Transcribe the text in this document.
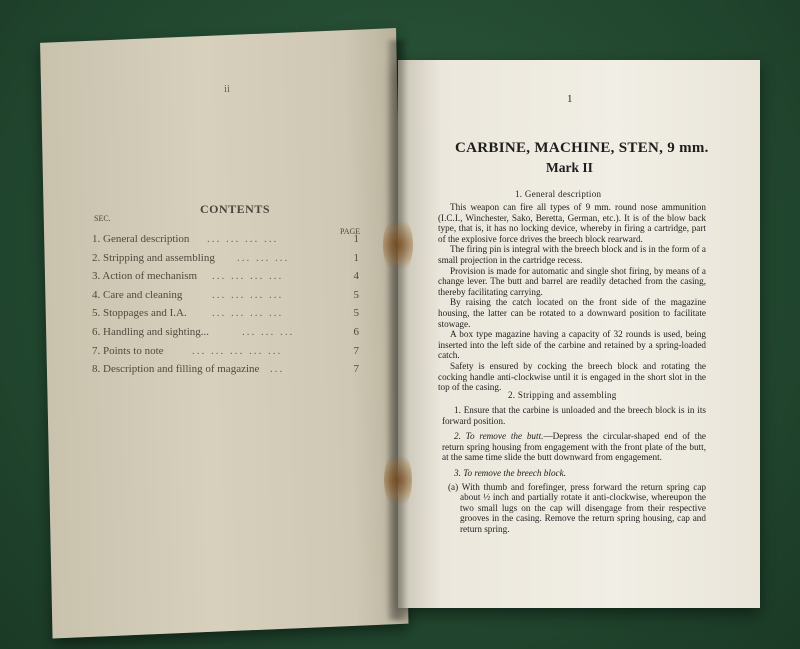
ii
CONTENTS
SEC.
PAGE
1. General description ... ... ... ...	1
2. Stripping and assembling ... ... ...	1
3. Action of mechanism ... ... ... ...	4
4. Care and cleaning	... ... ... ...	5
5. Stoppages and I.A. ... ... ... ...	5
6. Handling and sighting...	... ... ...	6
7. Points to note	... ... ... ... ...	7
8. Description and filling of magazine ...	7
1
CARBINE, MACHINE, STEN, 9 mm.
Mark II
1. General description
This weapon can fire all types of 9 mm. round nose ammunition (I.C.I., Winchester, Sako, Beretta, German, etc.). It is of the blow back type, that is, it has no locking device, whereby in firing a cartridge, part of the explosive force drives the breech block rearward.
The firing pin is integral with the breech block and is in the form of a small projection in the cartridge recess.
Provision is made for automatic and single shot firing, by means of a change lever. The butt and barrel are readily detached from the casing, thereby facilitating carrying.
By raising the catch located on the front side of the magazine housing, the latter can be rotated to a downward position to facilitate stowage.
A box type magazine having a capacity of 32 rounds is used, being inserted into the left side of the carbine and retained by a spring-loaded catch.
Safety is ensured by cocking the breech block and rotating the cocking handle anti-clockwise until it is engaged in the short slot in the top of the casing.
2. Stripping and assembling
1. Ensure that the carbine is unloaded and the breech block is in its forward position.
2. To remove the butt.—Depress the circular-shaped end of the return spring housing from engagement with the front plate of the butt, at the same time slide the butt downward from engagement.
3. To remove the breech block.
(a) With thumb and forefinger, press forward the return spring cap about ½ inch and partially rotate it anti-clockwise, whereupon the two small lugs on the cap will disengage from their respective grooves in the casing. Remove the return spring housing, cap and return spring.
